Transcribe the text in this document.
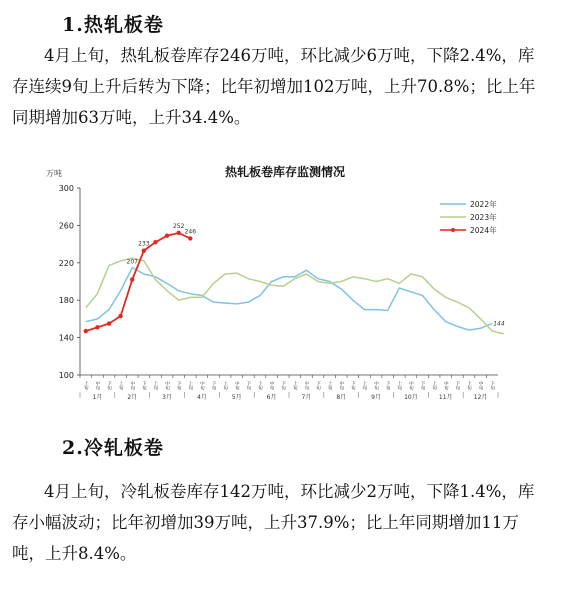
1.热轧板卷
4月上旬，热轧板卷库存246万吨，环比减少6万吨，下降2.4%，库存连续9旬上升后转为下降；比年初增加102万吨，上升70.8%；比上年同期增加63万吨，上升34.4%。
热轧板卷库存监测情况
万吨
100
140
180
220
260
300
上旬 中旬 下旬 上旬 中旬 下旬 上旬 中旬 下旬 上旬 中旬 下旬 上旬 中旬 下旬 上旬 中旬 下旬 上旬 中旬 下旬 上旬 中旬 下旬 上旬 中旬 下旬 上旬 中旬 下旬 上旬 中旬 下旬 上旬 中旬 下旬
1月	2月	3月	4月	5月	6月	7月	8月	9月	10月	11月	12月
144
233
252
246
207
2022年
2023年
2024年
2.冷轧板卷
4月上旬，冷轧板卷库存142万吨，环比减少2万吨，下降1.4%，库存小幅波动；比年初增加39万吨，上升37.9%；比上年同期增加11万吨，上升8.4%。
